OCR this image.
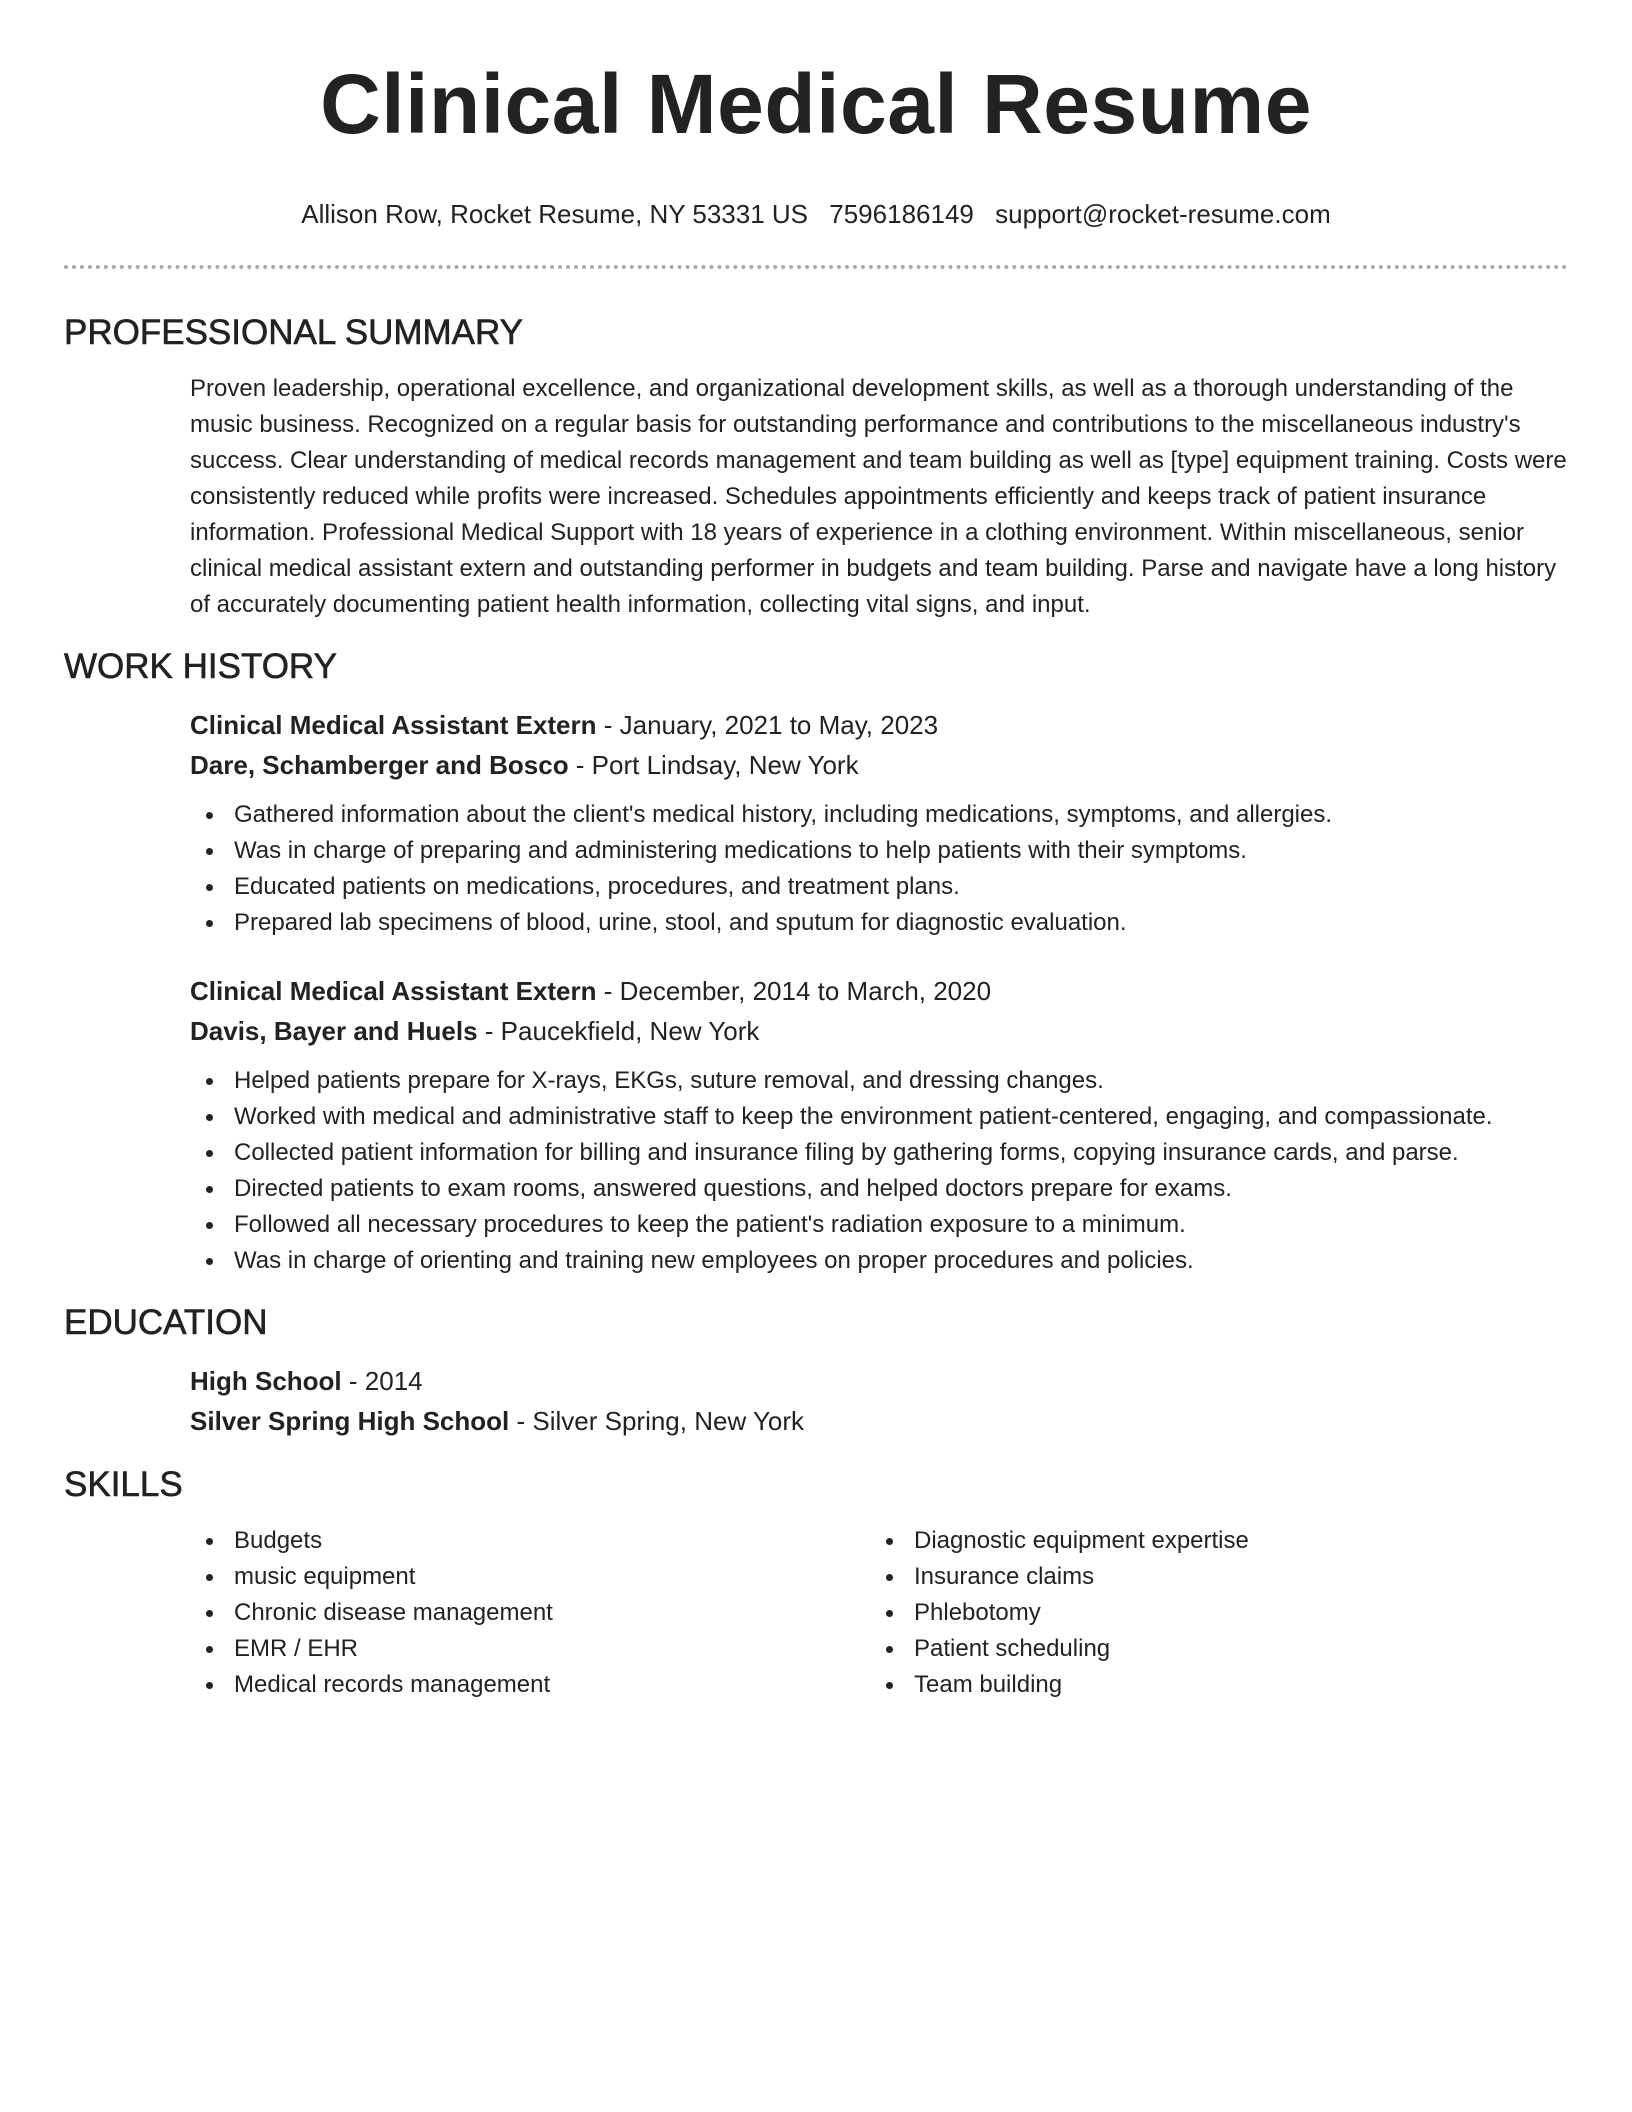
Clinical Medical Resume
Allison Row, Rocket Resume, NY 53331 US 7596186149 support@rocket-resume.com
PROFESSIONAL SUMMARY

Proven leadership, operational excellence, and organizational development skills, as well as a thorough understanding of the music business. Recognized on a regular basis for outstanding performance and contributions to the miscellaneous industry's success. Clear understanding of medical records management and team building as well as [type] equipment training. Costs were consistently reduced while profits were increased. Schedules appointments efficiently and keeps track of patient insurance information. Professional Medical Support with 18 years of experience in a clothing environment. Within miscellaneous, senior clinical medical assistant extern and outstanding performer in budgets and team building. Parse and navigate have a long history of accurately documenting patient health information, collecting vital signs, and input.

WORK HISTORY
Clinical Medical Assistant Extern - January, 2021 to May, 2023
Dare, Schamberger and Bosco - Port Lindsay, New York
Gathered information about the client's medical history, including medications, symptoms, and allergies.
Was in charge of preparing and administering medications to help patients with their symptoms.
Educated patients on medications, procedures, and treatment plans.
Prepared lab specimens of blood, urine, stool, and sputum for diagnostic evaluation.
Clinical Medical Assistant Extern - December, 2014 to March, 2020
Davis, Bayer and Huels - Paucekfield, New York
Helped patients prepare for X-rays, EKGs, suture removal, and dressing changes.
Worked with medical and administrative staff to keep the environment patient-centered, engaging, and compassionate.
Collected patient information for billing and insurance filing by gathering forms, copying insurance cards, and parse.
Directed patients to exam rooms, answered questions, and helped doctors prepare for exams.
Followed all necessary procedures to keep the patient's radiation exposure to a minimum.
Was in charge of orienting and training new employees on proper procedures and policies.
EDUCATION
High School - 2014
Silver Spring High School - Silver Spring, New York
SKILLS
Budgets
music equipment
Chronic disease management
EMR / EHR
Medical records management
Diagnostic equipment expertise
Insurance claims
Phlebotomy
Patient scheduling
Team building
